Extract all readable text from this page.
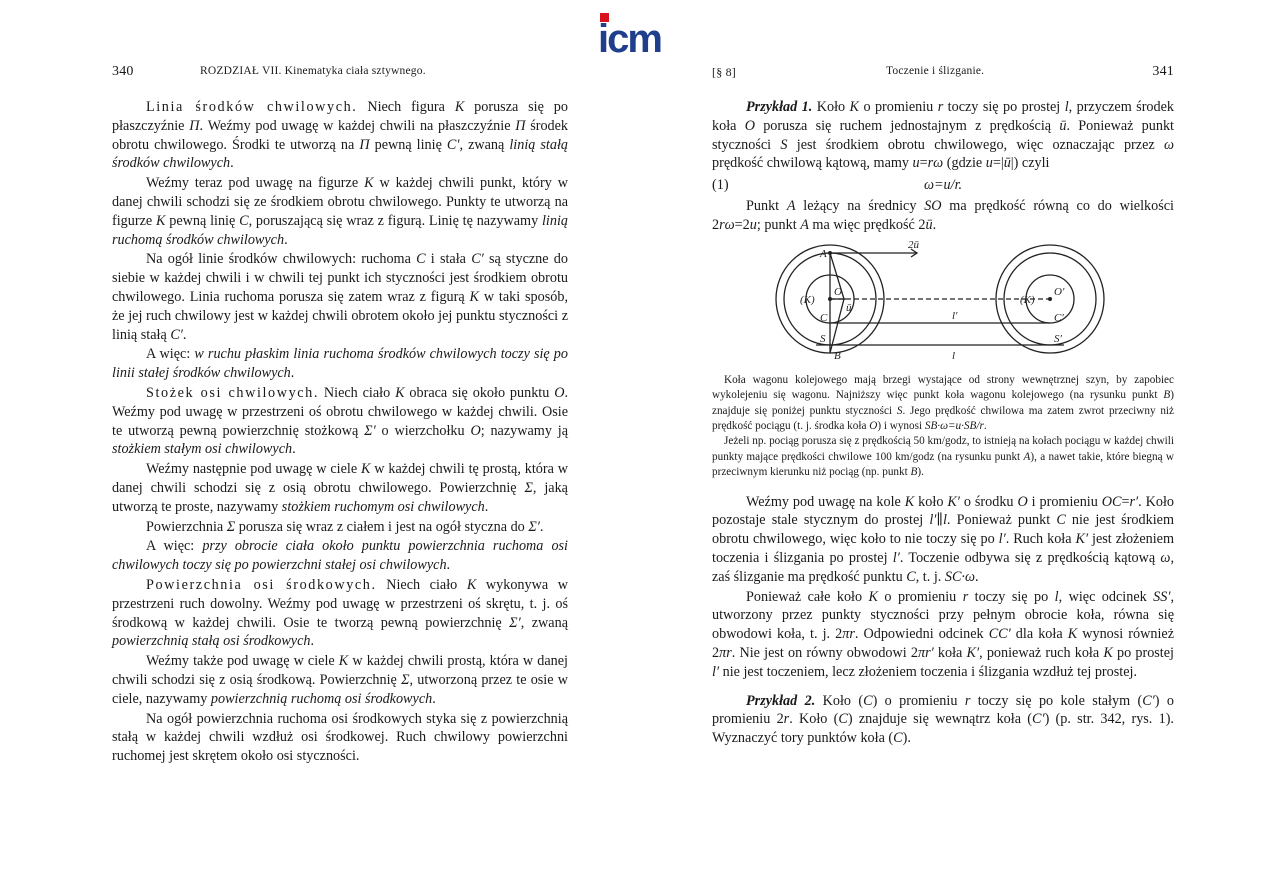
icm
340	ROZDZIAŁ VII. Kinematyka ciała sztywnego.

Linia środków chwilowych. Niech figura K porusza się po płaszczyźnie Π. Weźmy pod uwagę w każdej chwili na płaszczyźnie Π środek obrotu chwilowego. Środki te utworzą na Π pewną linię C′, zwaną linią stałą środków chwilowych.

Weźmy teraz pod uwagę na figurze K w każdej chwili punkt, który w danej chwili schodzi się ze środkiem obrotu chwilowego. Punkty te utworzą na figurze K pewną linię C, poruszającą się wraz z figurą. Linię tę nazywamy linią ruchomą środków chwilowych.

Na ogół linie środków chwilowych: ruchoma C i stała C′ są styczne do siebie w każdej chwili i w chwili tej punkt ich styczności jest środkiem obrotu chwilowego. Linia ruchoma porusza się zatem wraz z figurą K w taki sposób, że jej ruch chwilowy jest w każdej chwili obrotem około jej punktu styczności z linią stałą C′.

A więc: w ruchu płaskim linia ruchoma środków chwilowych toczy się po linii stałej środków chwilowych.

Stożek osi chwilowych. Niech ciało K obraca się około punktu O. Weźmy pod uwagę w przestrzeni oś obrotu chwilowego w każdej chwili. Osie te utworzą pewną powierzchnię stożkową Σ′ o wierzchołku O; nazywamy ją stożkiem stałym osi chwilowych.

Weźmy następnie pod uwagę w ciele K w każdej chwili tę prostą, która w danej chwili schodzi się z osią obrotu chwilowego. Powierzchnię Σ, jaką utworzą te proste, nazywamy stożkiem ruchomym osi chwilowych.

Powierzchnia Σ porusza się wraz z ciałem i jest na ogół styczna do Σ′.

A więc: przy obrocie ciała około punktu powierzchnia ruchoma osi chwilowych toczy się po powierzchni stałej osi chwilowych.

Powierzchnia osi środkowych. Niech ciało K wykonywa w przestrzeni ruch dowolny. Weźmy pod uwagę w przestrzeni oś skrętu, t. j. oś środkową w każdej chwili. Osie te tworzą pewną powierzchnię Σ′, zwaną powierzchnią stałą osi środkowych.

Weźmy także pod uwagę w ciele K w każdej chwili prostą, która w danej chwili schodzi się z osią środkową. Powierzchnię Σ, utworzoną przez te osie w ciele, nazywamy powierzchnią ruchomą osi środkowych.

Na ogół powierzchnia ruchoma osi środkowych styka się z powierzchnią stałą w każdej chwili wzdłuż osi środkowej. Ruch chwilowy powierzchni ruchomej jest skrętem około osi styczności.

[§ 8]	Toczenie i ślizganie.	341

Przykład 1. Koło K o promieniu r toczy się po prostej l, przyczem środek koła O porusza się ruchem jednostajnym z prędkością ū. Ponieważ punkt styczności S jest środkiem obrotu chwilowego, więc oznaczając przez ω prędkość chwilową kątową, mamy u=rω (gdzie u=|ū|) czyli

(1)	ω=u/r.

Punkt A leżący na średnicy SO ma prędkość równą co do wielkości 2rω=2u; punkt A ma więc prędkość 2ū.

A
O
C
S
B
(K)
ū
2ū
(K)
O′
C′
S′
l′
l

Koła wagonu kolejowego mają brzegi wystające od strony wewnętrznej szyn, by zapobiec wykolejeniu się wagonu. Najniższy więc punkt koła wagonu kolejowego (na rysunku punkt B) znajduje się poniżej punktu styczności S. Jego prędkość chwilowa ma zatem zwrot przeciwny niż prędkość pociągu (t. j. środka koła O) i wynosi SB·ω=u·SB/r.

Jeżeli np. pociąg porusza się z prędkością 50 km/godz, to istnieją na kołach pociągu w każdej chwili punkty mające prędkości chwilowe 100 km/godz (na rysunku punkt A), a nawet takie, które biegną w przeciwnym kierunku niż pociąg (np. punkt B).

Weźmy pod uwagę na kole K koło K′ o środku O i promieniu OC=r′. Koło pozostaje stale stycznym do prostej l′∥l. Ponieważ punkt C nie jest środkiem obrotu chwilowego, więc koło to nie toczy się po l′. Ruch koła K′ jest złożeniem toczenia i ślizgania po prostej l′. Toczenie odbywa się z prędkością kątową ω, zaś ślizganie ma prędkość punktu C, t. j. SC·ω.

Ponieważ całe koło K o promieniu r toczy się po l, więc odcinek SS′, utworzony przez punkty styczności przy pełnym obrocie koła, równa się obwodowi koła, t. j. 2πr. Odpowiedni odcinek CC′ dla koła K wynosi również 2πr. Nie jest on równy obwodowi 2πr′ koła K′, ponieważ ruch koła K po prostej l′ nie jest toczeniem, lecz złożeniem toczenia i ślizgania wzdłuż tej prostej.

Przykład 2. Koło (C) o promieniu r toczy się po kole stałym (C′) o promieniu 2r. Koło (C) znajduje się wewnątrz koła (C′) (p. str. 342, rys. 1). Wyznaczyć tory punktów koła (C).
